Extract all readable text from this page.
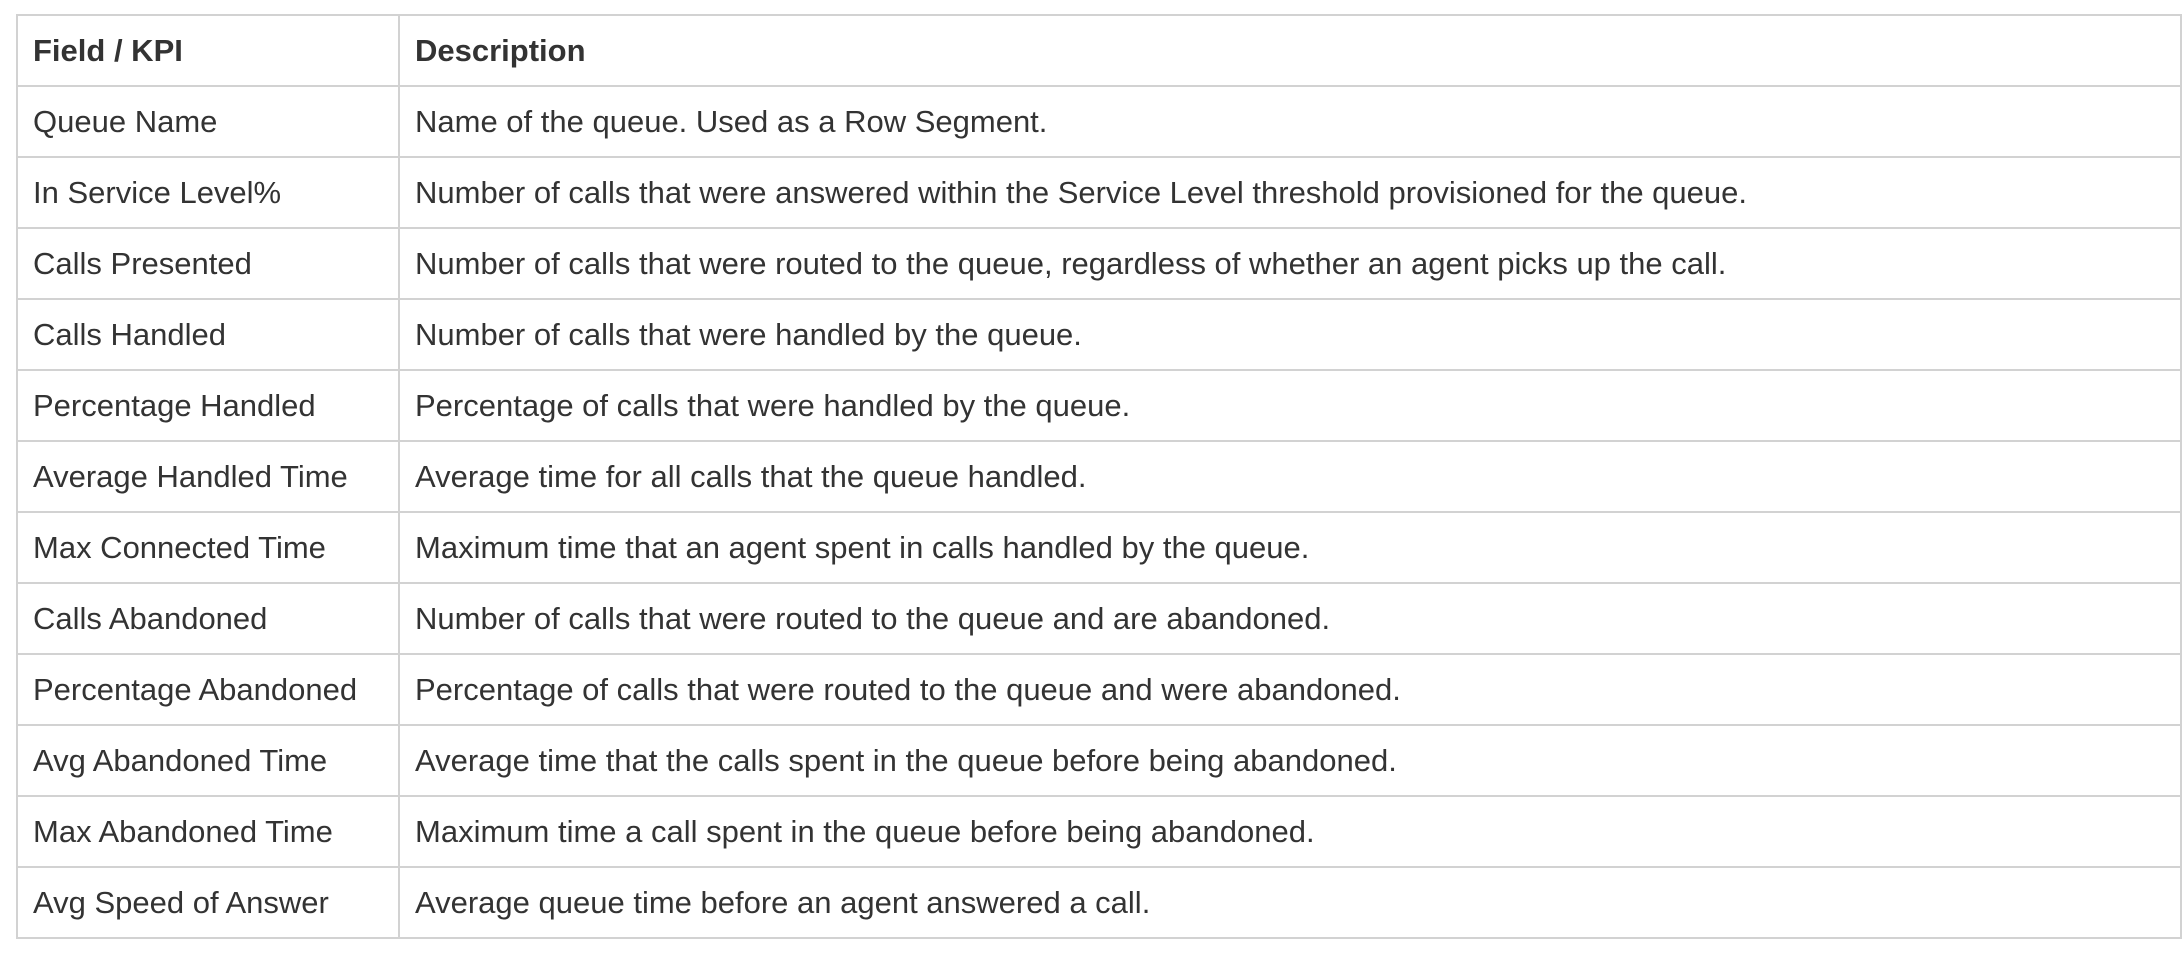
Field / KPI	Description
Queue Name	Name of the queue. Used as a Row Segment.
In Service Level%	Number of calls that were answered within the Service Level threshold provisioned for the queue.
Calls Presented	Number of calls that were routed to the queue, regardless of whether an agent picks up the call.
Calls Handled	Number of calls that were handled by the queue.
Percentage Handled	Percentage of calls that were handled by the queue.
Average Handled Time	Average time for all calls that the queue handled.
Max Connected Time	Maximum time that an agent spent in calls handled by the queue.
Calls Abandoned	Number of calls that were routed to the queue and are abandoned.
Percentage Abandoned	Percentage of calls that were routed to the queue and were abandoned.
Avg Abandoned Time	Average time that the calls spent in the queue before being abandoned.
Max Abandoned Time	Maximum time a call spent in the queue before being abandoned.
Avg Speed of Answer	Average queue time before an agent answered a call.
